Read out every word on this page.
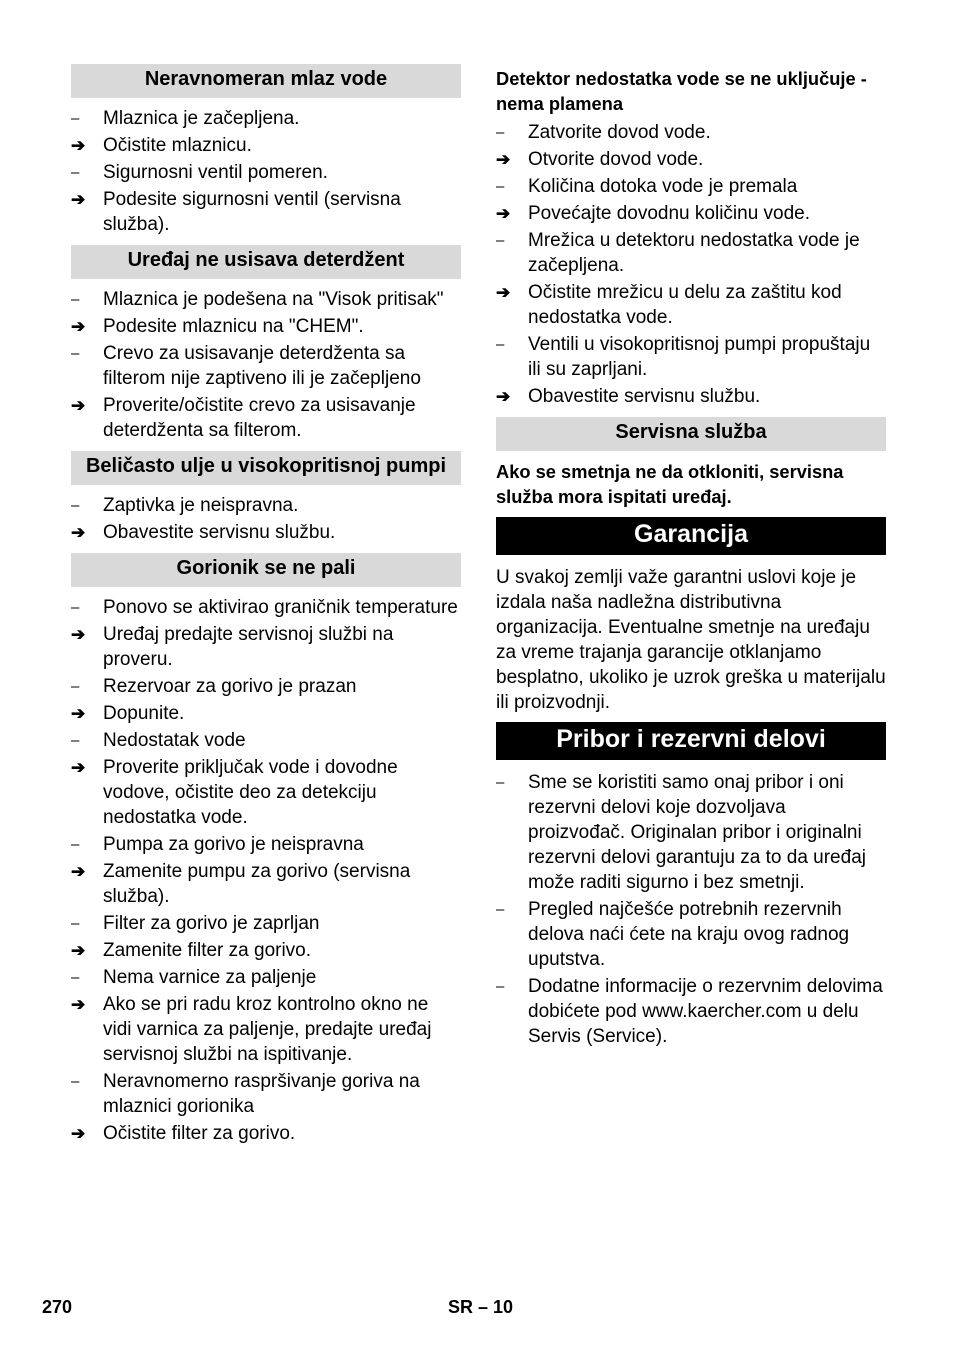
Neravnomeran mlaz vode
–	Mlaznica je začepljena.
➔ Očistite mlaznicu.
–	Sigurnosni ventil pomeren.
➔ Podesite sigurnosni ventil (servisna služba).
Uređaj ne usisava deterdžent
–	Mlaznica je podešena na "Visok pritisak"
➔ Podesite mlaznicu na "CHEM".
–	Crevo za usisavanje deterdženta sa filterom nije zaptiveno ili je začepljeno
➔ Proverite/očistite crevo za usisavanje deterdženta sa filterom.
Beličasto ulje u visokopritisnoj pumpi
–	Zaptivka je neispravna.
➔ Obavestite servisnu službu.
Gorionik se ne pali
–	Ponovo se aktivirao graničnik temperature
➔ Uređaj predajte servisnoj službi na proveru.
–	Rezervoar za gorivo je prazan
➔ Dopunite.
–	Nedostatak vode
➔ Proverite priključak vode i dovodne vodove, očistite deo za detekciju nedostatka vode.
–	Pumpa za gorivo je neispravna
➔ Zamenite pumpu za gorivo (servisna služba).
–	Filter za gorivo je zaprljan
➔ Zamenite filter za gorivo.
–	Nema varnice za paljenje
➔ Ako se pri radu kroz kontrolno okno ne vidi varnica za paljenje, predajte uređaj servisnoj službi na ispitivanje.
–	Neravnomerno raspršivanje goriva na mlaznici gorionika
➔ Očistite filter za gorivo.
Detektor nedostatka vode se ne uključuje - nema plamena
–	Zatvorite dovod vode.
➔ Otvorite dovod vode.
–	Količina dotoka vode je premala
➔ Povećajte dovodnu količinu vode.
–	Mrežica u detektoru nedostatka vode je začepljena.
➔ Očistite mrežicu u delu za zaštitu kod nedostatka vode.
–	Ventili u visokopritisnoj pumpi propuštaju ili su zaprljani.
➔ Obavestite servisnu službu.
Servisna služba
Ako se smetnja ne da otkloniti, servisna služba mora ispitati uređaj.
Garancija
U svakoj zemlji važe garantni uslovi koje je izdala naša nadležna distributivna organizacija. Eventualne smetnje na uređaju za vreme trajanja garancije otklanjamo besplatno, ukoliko je uzrok greška u materijalu ili proizvodnji.
Pribor i rezervni delovi
–	Sme se koristiti samo onaj pribor i oni rezervni delovi koje dozvoljava proizvođač. Originalan pribor i originalni rezervni delovi garantuju za to da uređaj može raditi sigurno i bez smetnji.
–	Pregled najčešće potrebnih rezervnih delova naći ćete na kraju ovog radnog uputstva.
–	Dodatne informacije o rezervnim delovima dobićete pod www.kaercher.com u delu Servis (Service).
270	SR – 10
